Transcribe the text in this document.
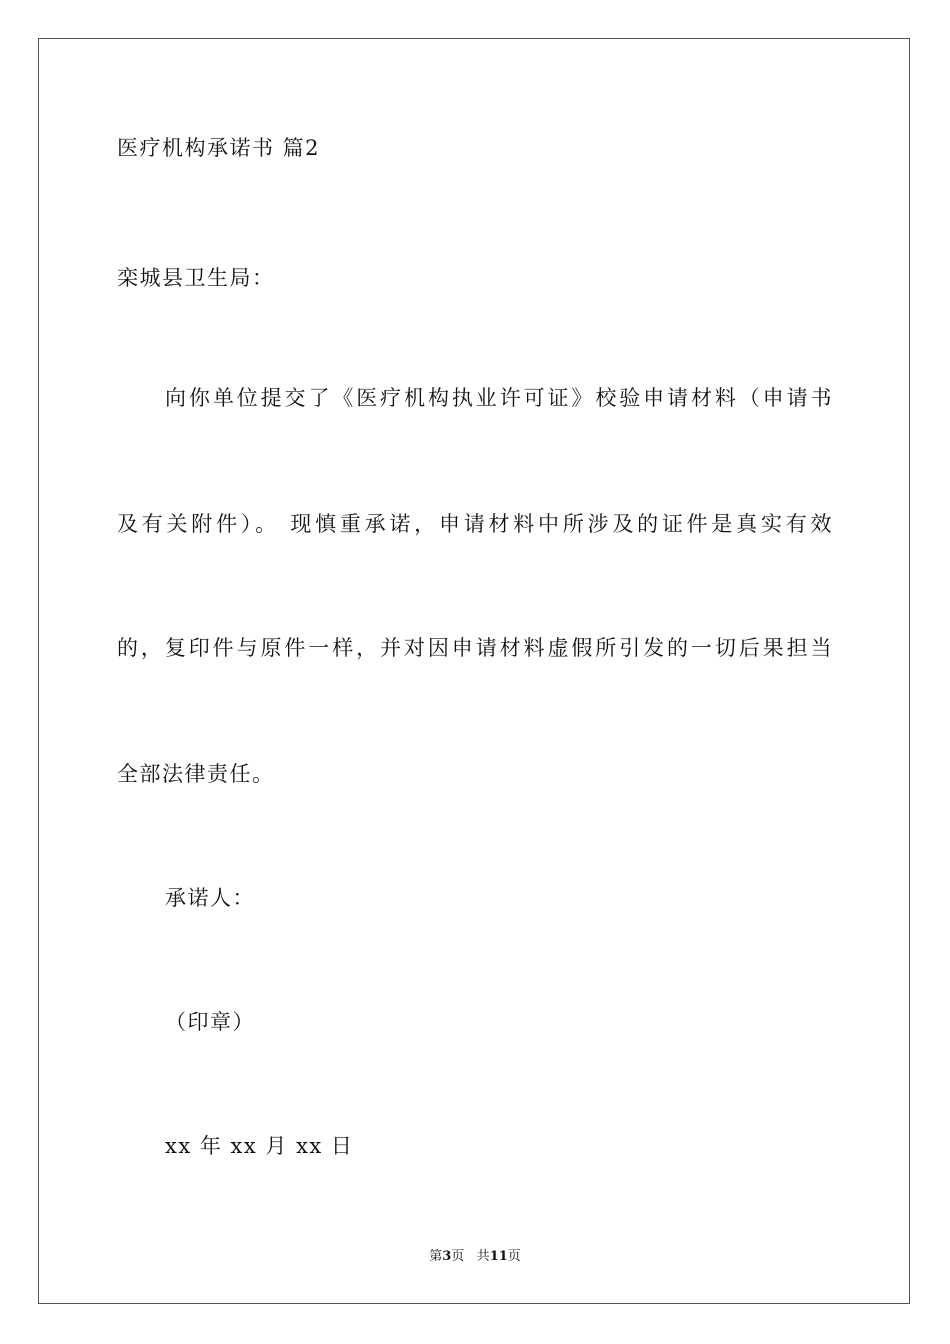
医疗机构承诺书 篇2
栾城县卫生局：
向你单位提交了《医疗机构执业许可证》校验申请材料（申请书
及有关附件）。 现慎重承诺，申请材料中所涉及的证件是真实有效
的，复印件与原件一样，并对因申请材料虚假所引发的一切后果担当
全部法律责任。
承诺人：
（印章）
xx 年 xx 月 xx 日
第3页 共11页
